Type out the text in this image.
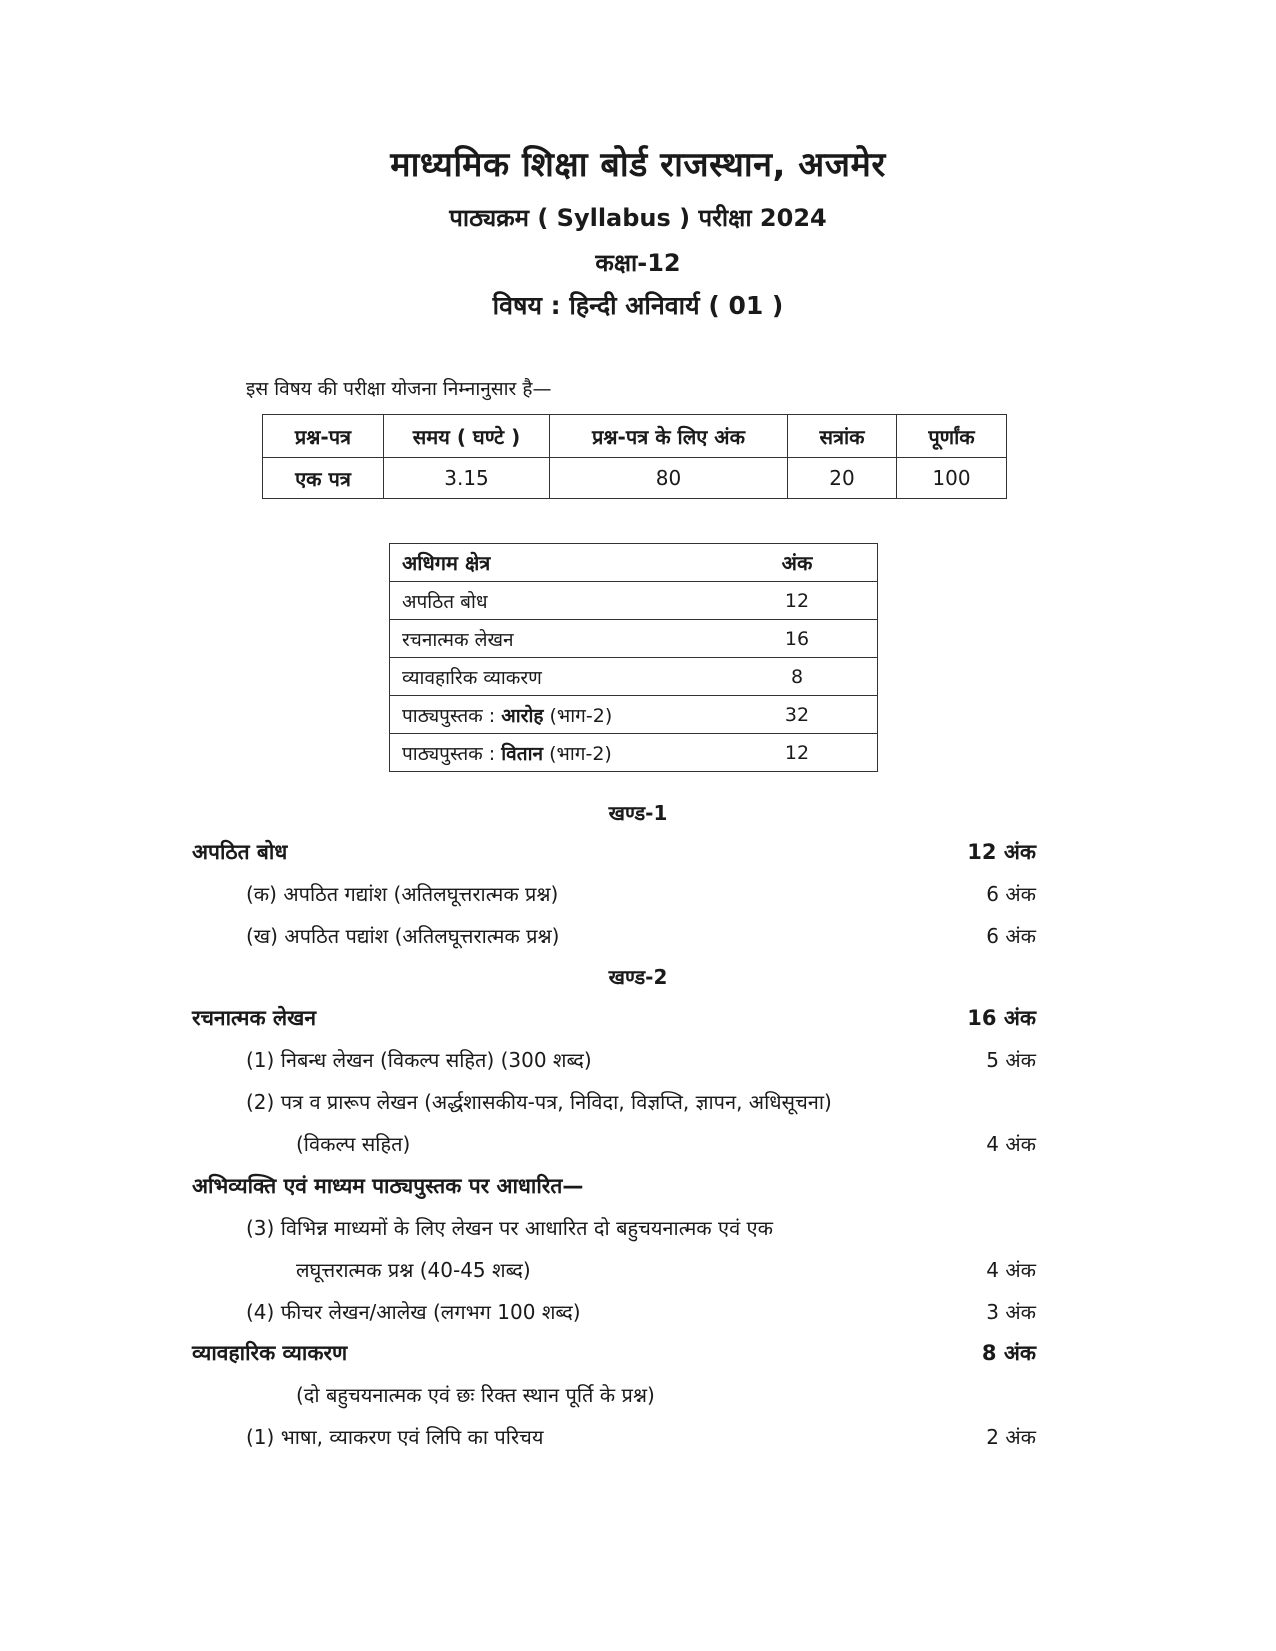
माध्यमिक शिक्षा बोर्ड राजस्थान, अजमेर
पाठ्यक्रम ( Syllabus ) परीक्षा 2024
कक्षा-12
विषय : हिन्दी अनिवार्य ( 01 )
इस विषय की परीक्षा योजना निम्नानुसार है—
प्रश्न-पत्र	समय ( घण्टे )	प्रश्न-पत्र के लिए अंक	सत्रांक	पूर्णांक
एक पत्र	3.15	80	20	100
अधिगम क्षेत्र	अंक
अपठित बोध	12
रचनात्मक लेखन	16
व्यावहारिक व्याकरण	8
पाठ्यपुस्तक : आरोह (भाग-2)	32
पाठ्यपुस्तक : वितान (भाग-2)	12
खण्ड-1
अपठित बोध	12 अंक
(क) अपठित गद्यांश (अतिलघूत्तरात्मक प्रश्न)	6 अंक
(ख) अपठित पद्यांश (अतिलघूत्तरात्मक प्रश्न)	6 अंक
खण्ड-2
रचनात्मक लेखन	16 अंक
(1) निबन्ध लेखन (विकल्प सहित) (300 शब्द)	5 अंक
(2) पत्र व प्रारूप लेखन (अर्द्धशासकीय-पत्र, निविदा, विज्ञप्ति, ज्ञापन, अधिसूचना)
(विकल्प सहित)	4 अंक
अभिव्यक्ति एवं माध्यम पाठ्यपुस्तक पर आधारित—
(3) विभिन्न माध्यमों के लिए लेखन पर आधारित दो बहुचयनात्मक एवं एक
लघूत्तरात्मक प्रश्न (40-45 शब्द)	4 अंक
(4) फीचर लेखन/आलेख (लगभग 100 शब्द)	3 अंक
व्यावहारिक व्याकरण	8 अंक
(दो बहुचयनात्मक एवं छः रिक्त स्थान पूर्ति के प्रश्न)
(1) भाषा, व्याकरण एवं लिपि का परिचय	2 अंक
